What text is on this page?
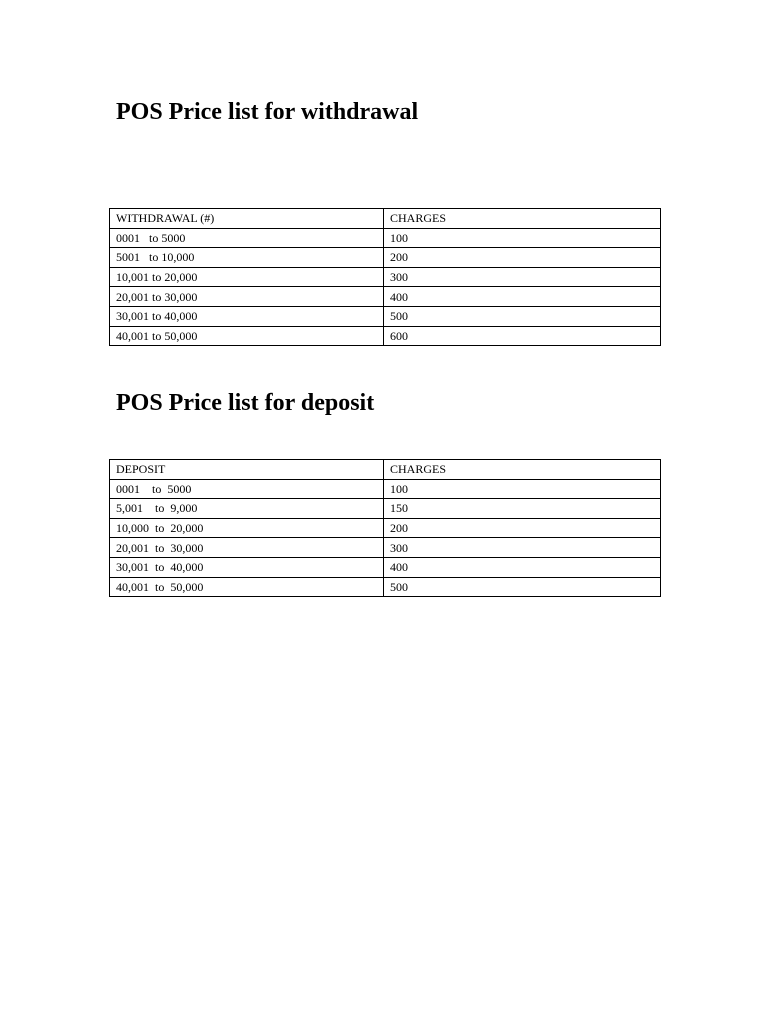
POS Price list for withdrawal
WITHDRAWAL (#)	CHARGES
0001   to 5000	100
5001   to 10,000	200
10,001 to 20,000	300
20,001 to 30,000	400
30,001 to 40,000	500
40,001 to 50,000	600
POS Price list for deposit
DEPOSIT	CHARGES
0001    to  5000	100
5,001    to  9,000	150
10,000  to  20,000	200
20,001  to  30,000	300
30,001  to  40,000	400
40,001  to  50,000	500
